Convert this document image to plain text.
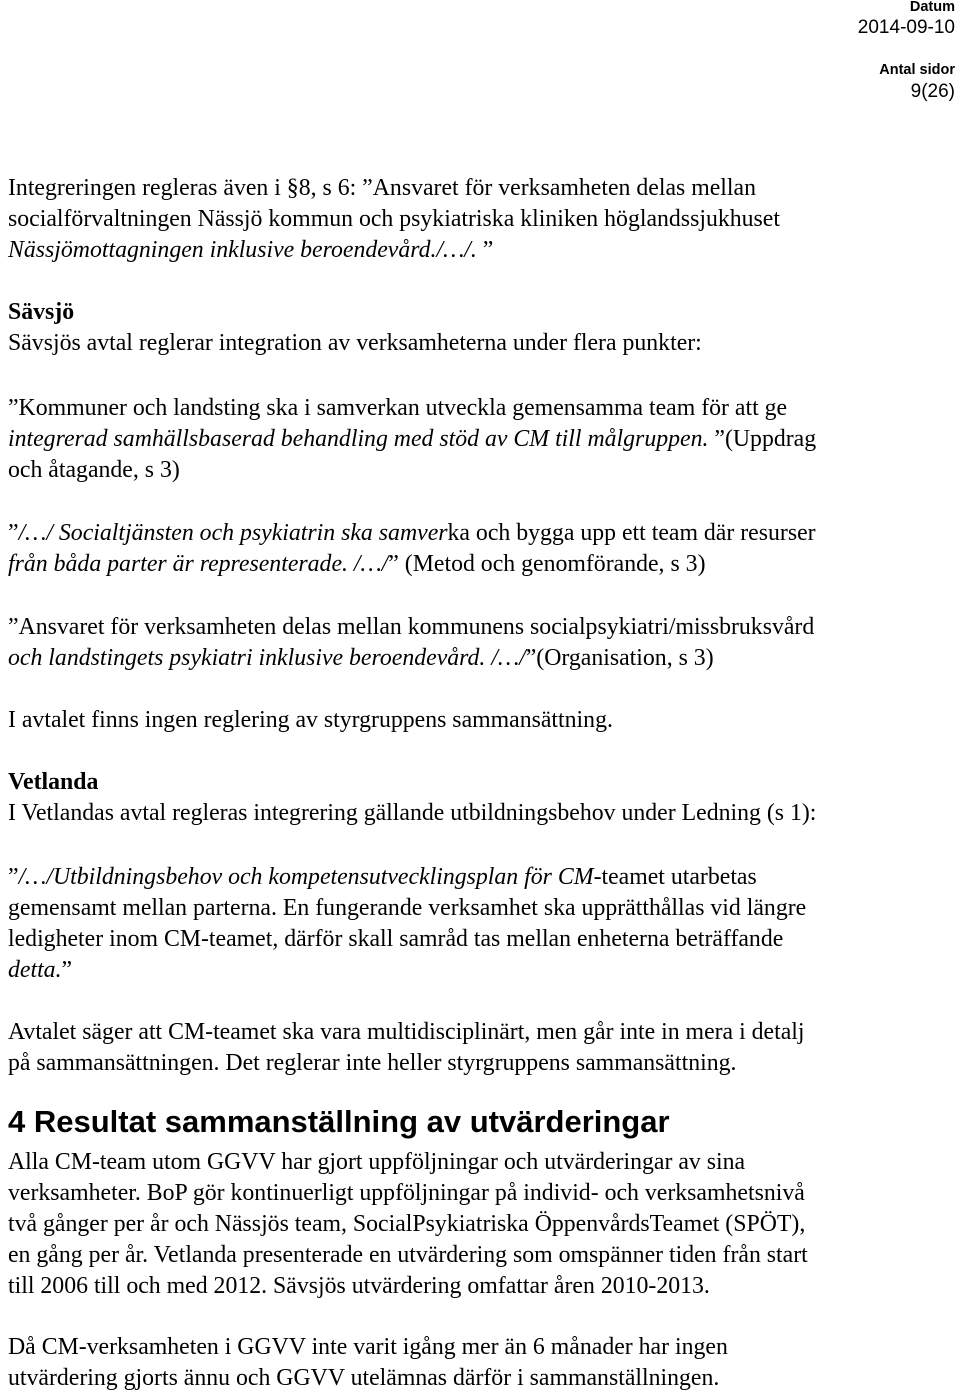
Datum
2014-09-10
Antal sidor
9(26)
Integreringen regleras även i §8, s 6: ”Ansvaret för verksamheten delas mellan
socialförvaltningen Nässjö kommun och psykiatriska kliniken höglandssjukhuset
Nässjömottagningen inklusive beroendevård./…/. ”
Sävsjö
Sävsjös avtal reglerar integration av verksamheterna under flera punkter:
”Kommuner och landsting ska i samverkan utveckla gemensamma team för att ge
integrerad samhällsbaserad behandling med stöd av CM till målgruppen. ”(Uppdrag
och åtagande, s 3)
”/…/ Socialtjänsten och psykiatrin ska samverka och bygga upp ett team där resurser
från båda parter är representerade. /…/” (Metod och genomförande, s 3)
”Ansvaret för verksamheten delas mellan kommunens socialpsykiatri/missbruksvård
och landstingets psykiatri inklusive beroendevård. /…/”(Organisation, s 3)
I avtalet finns ingen reglering av styrgruppens sammansättning.
Vetlanda
I Vetlandas avtal regleras integrering gällande utbildningsbehov under Ledning (s 1):
”/…/Utbildningsbehov och kompetensutvecklingsplan för CM-teamet utarbetas
gemensamt mellan parterna. En fungerande verksamhet ska upprätthållas vid längre
ledigheter inom CM-teamet, därför skall samråd tas mellan enheterna beträffande
detta.”
Avtalet säger att CM-teamet ska vara multidisciplinärt, men går inte in mera i detalj
på sammansättningen. Det reglerar inte heller styrgruppens sammansättning.
4 Resultat sammanställning av utvärderingar
Alla CM-team utom GGVV har gjort uppföljningar och utvärderingar av sina
verksamheter. BoP gör kontinuerligt uppföljningar på individ- och verksamhetsnivå
två gånger per år och Nässjös team, SocialPsykiatriska ÖppenvårdsTeamet (SPÖT),
en gång per år. Vetlanda presenterade en utvärdering som omspänner tiden från start
till 2006 till och med 2012. Sävsjös utvärdering omfattar åren 2010-2013.
Då CM-verksamheten i GGVV inte varit igång mer än 6 månader har ingen
utvärdering gjorts ännu och GGVV utelämnas därför i sammanställningen.
